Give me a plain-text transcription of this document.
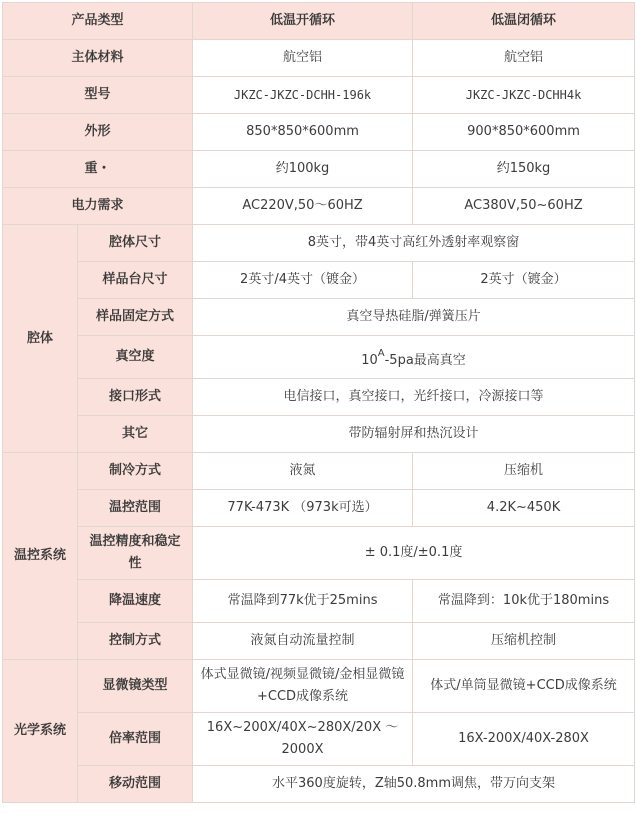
产品类型		低温开循环	低温闭循环
主体材料		航空铝	航空铝
型号		JKZC-JKZC-DCHH-196k	JKZC-JKZC-DCHH4k
外形		850*850*600mm	900*850*600mm
重・		约100kg	约150kg
电力需求		AC220V,50～60HZ	AC380V,50~60HZ
腔体	腔体尺寸	8英寸，带4英寸高红外透射率观察窗	
	样品台尺寸	2英寸/4英寸（镀金）	2英寸（镀金）
	样品固定方式	真空导热硅脂/弹簧压片	
	真空度	$10^A-5pa$最高真空	
	接口形式	电信接口，真空接口，光纤接口，冷源接口等	
	其它	带防辐射屏和热沉设计	
温控系统	制冷方式	液氮	压缩机
	温控范围	77K-473K （973k可选）	4.2K~450K
	温控精度和稳定性	± 0.1度/±0.1度	
	降温速度	常温降到77k优于25mins	常温降到：10k优于180mins
	控制方式	液氮自动流量控制	压缩机控制
光学系统	显微镜类型	体式显微镜/视频显微镜/金相显微镜+CCD成像系统	体式/单筒显微镜+CCD成像系统
	倍率范围	16X~200X/40X~280X/20X ～2000X	16X-200X/40X-280X
	移动范围	水平360度旋转，Z轴50.8mm调焦，带万向支架	
